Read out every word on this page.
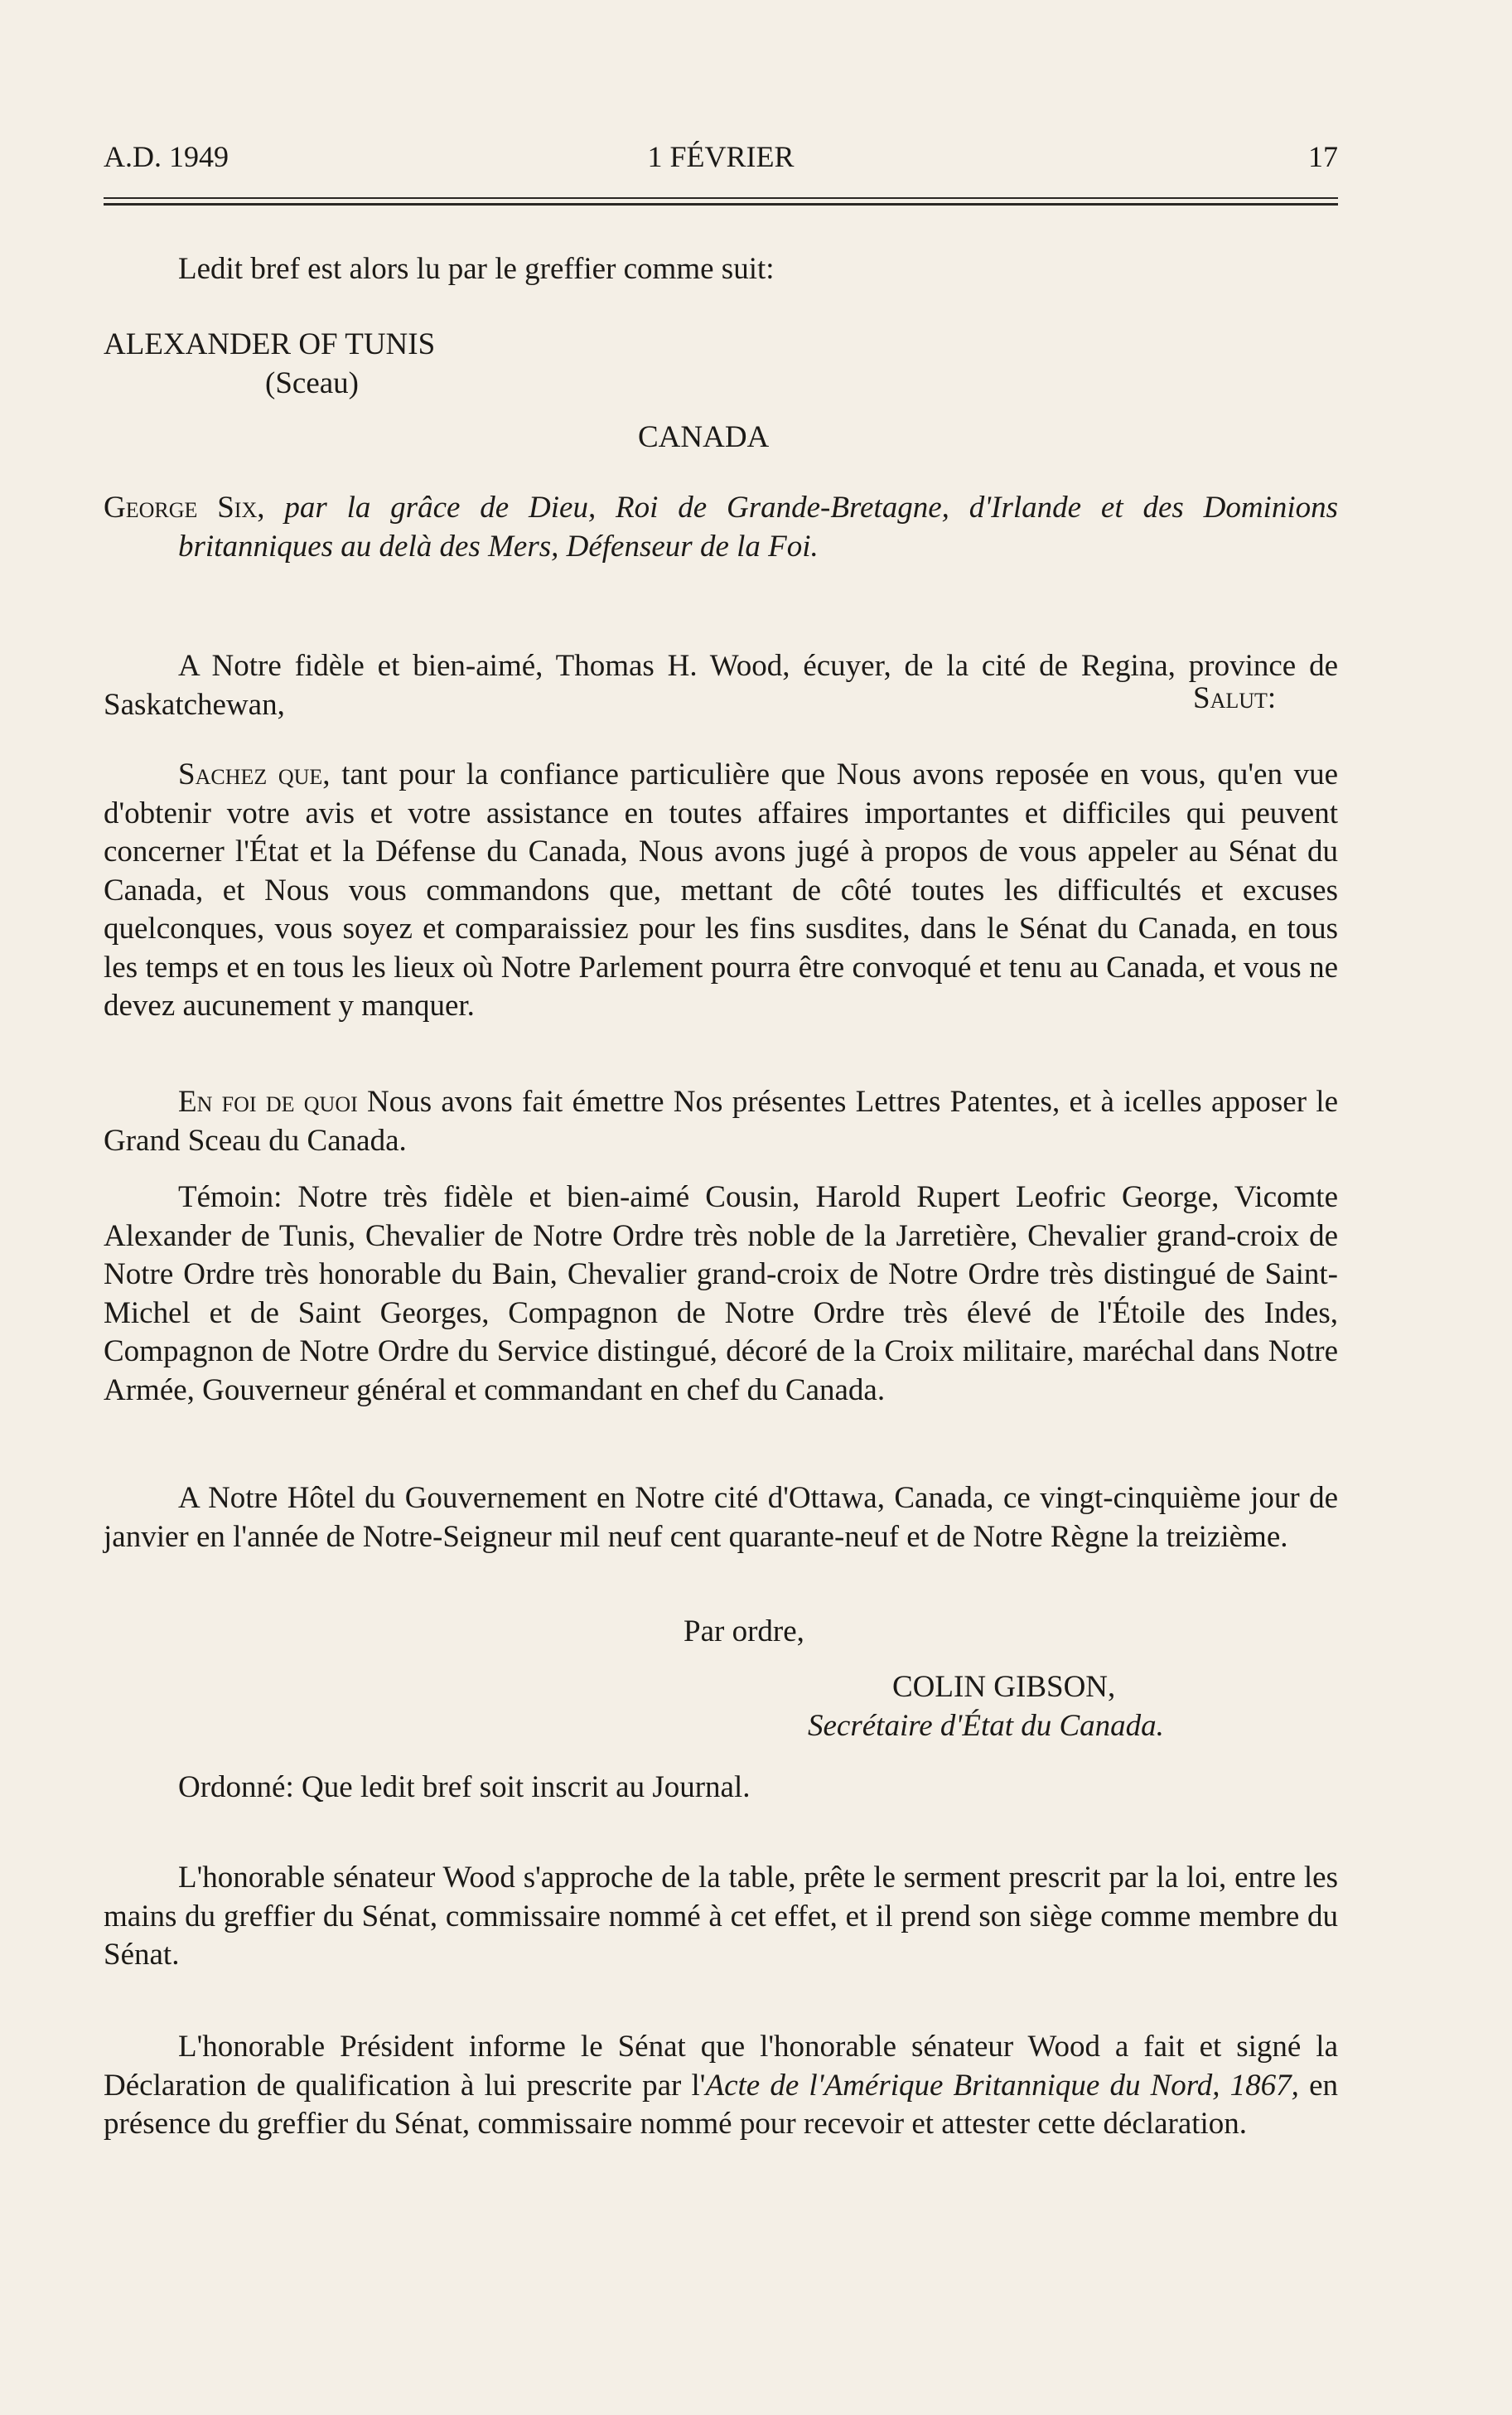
A.D. 1949	1 FÉVRIER	17

Ledit bref est alors lu par le greffier comme suit:

ALEXANDER OF TUNIS

(Sceau)

CANADA

George Six, par la grâce de Dieu, Roi de Grande-Bretagne, d'Irlande et des Dominions britanniques au delà des Mers, Défenseur de la Foi.

A Notre fidèle et bien-aimé, Thomas H. Wood, écuyer, de la cité de Regina, province de Saskatchewan,	Salut:

Sachez que, tant pour la confiance particulière que Nous avons reposée en vous, qu'en vue d'obtenir votre avis et votre assistance en toutes affaires importantes et difficiles qui peuvent concerner l'État et la Défense du Canada, Nous avons jugé à propos de vous appeler au Sénat du Canada, et Nous vous commandons que, mettant de côté toutes les difficultés et excuses quelconques, vous soyez et comparaissiez pour les fins susdites, dans le Sénat du Canada, en tous les temps et en tous les lieux où Notre Parlement pourra être convoqué et tenu au Canada, et vous ne devez aucunement y manquer.

En foi de quoi Nous avons fait émettre Nos présentes Lettres Patentes, et à icelles apposer le Grand Sceau du Canada.

Témoin: Notre très fidèle et bien-aimé Cousin, Harold Rupert Leofric George, Vicomte Alexander de Tunis, Chevalier de Notre Ordre très noble de la Jarretière, Chevalier grand-croix de Notre Ordre très honorable du Bain, Chevalier grand-croix de Notre Ordre très distingué de Saint-Michel et de Saint Georges, Compagnon de Notre Ordre très élevé de l'Étoile des Indes, Compagnon de Notre Ordre du Service distingué, décoré de la Croix militaire, maréchal dans Notre Armée, Gouverneur général et commandant en chef du Canada.

A Notre Hôtel du Gouvernement en Notre cité d'Ottawa, Canada, ce vingt-cinquième jour de janvier en l'année de Notre-Seigneur mil neuf cent quarante-neuf et de Notre Règne la treizième.

Par ordre,

COLIN GIBSON,

Secrétaire d'État du Canada.

Ordonné: Que ledit bref soit inscrit au Journal.

L'honorable sénateur Wood s'approche de la table, prête le serment prescrit par la loi, entre les mains du greffier du Sénat, commissaire nommé à cet effet, et il prend son siège comme membre du Sénat.

L'honorable Président informe le Sénat que l'honorable sénateur Wood a fait et signé la Déclaration de qualification à lui prescrite par l'Acte de l'Amérique Britannique du Nord, 1867, en présence du greffier du Sénat, commissaire nommé pour recevoir et attester cette déclaration.
